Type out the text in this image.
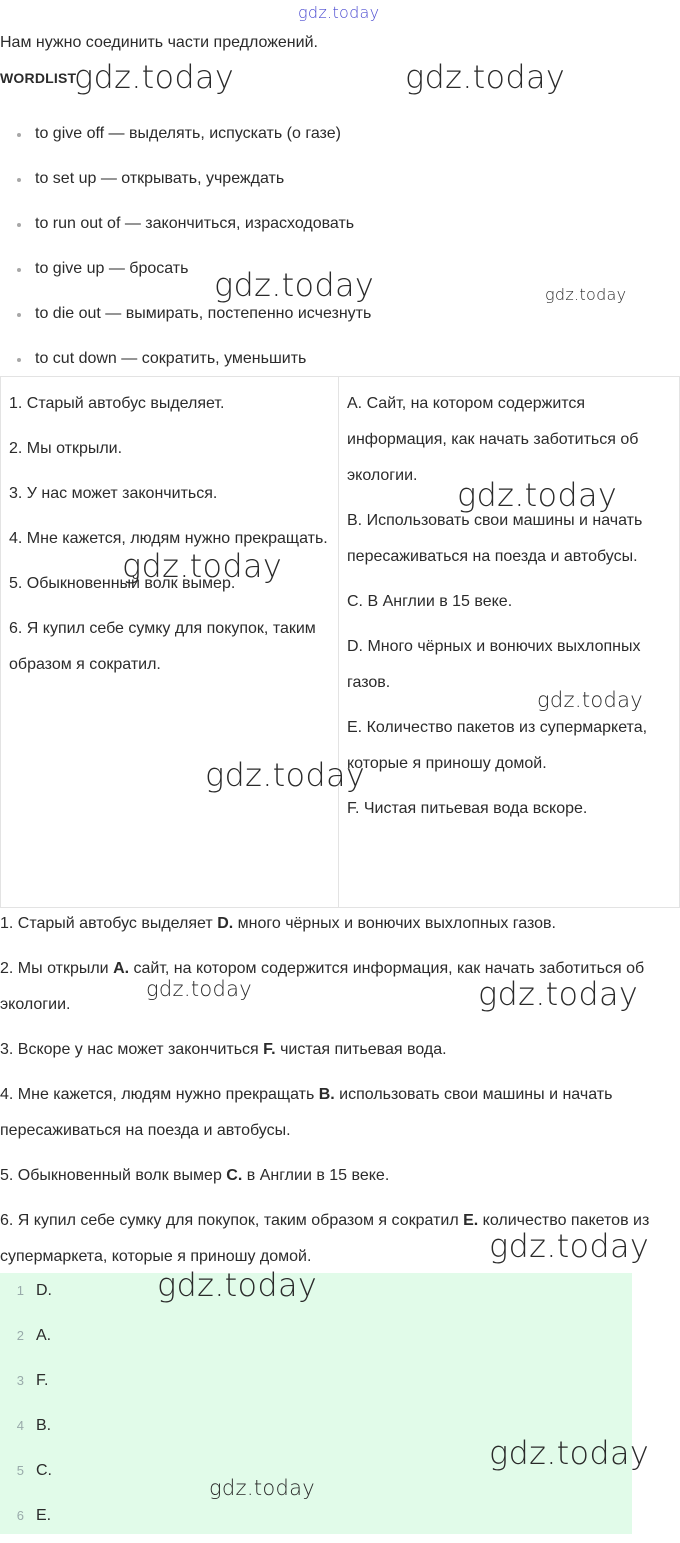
gdz.today
Нам нужно соединить части предложений.
WORDLIST
to give off — выделять, испускать (о газе)
to set up — открывать, учреждать
to run out of — закончиться, израсходовать
to give up — бросать
to die out — вымирать, постепенно исчезнуть
to cut down — сократить, уменьшить
1. Старый автобус выделяет.
2. Мы открыли.
3. У нас может закончиться.
4. Мне кажется, людям нужно прекращать.
5. Обыкновенный волк вымер.
6. Я купил себе сумку для покупок, таким образом я сократил.
A. Сайт, на котором содержится информация, как начать заботиться об экологии.
B. Использовать свои машины и начать пересаживаться на поезда и автобусы.
C. В Англии в 15 веке.
D. Много чёрных и вонючих выхлопных газов.
E. Количество пакетов из супермаркета, которые я приношу домой.
F. Чистая питьевая вода вскоре.

1. Старый автобус выделяет D. много чёрных и вонючих выхлопных газов.

2. Мы открыли A. сайт, на котором содержится информация, как начать заботиться об экологии.

3. Вскоре у нас может закончиться F. чистая питьевая вода.

4. Мне кажется, людям нужно прекращать B. использовать свои машины и начать пересаживаться на поезда и автобусы.

5. Обыкновенный волк вымер C. в Англии в 15 веке.

6. Я купил себе сумку для покупок, таким образом я сократил E. количество пакетов из супермаркета, которые я приношу домой.

1 D.
2 A.
3 F.
4 B.
5 C.
6 E.
gdz.today	gdz.today
gdz.today	gdz.today
gdz.today
gdz.today
gdz.today
gdz.today
gdz.today	gdz.today
gdz.today
gdz.today
gdz.today
gdz.today
